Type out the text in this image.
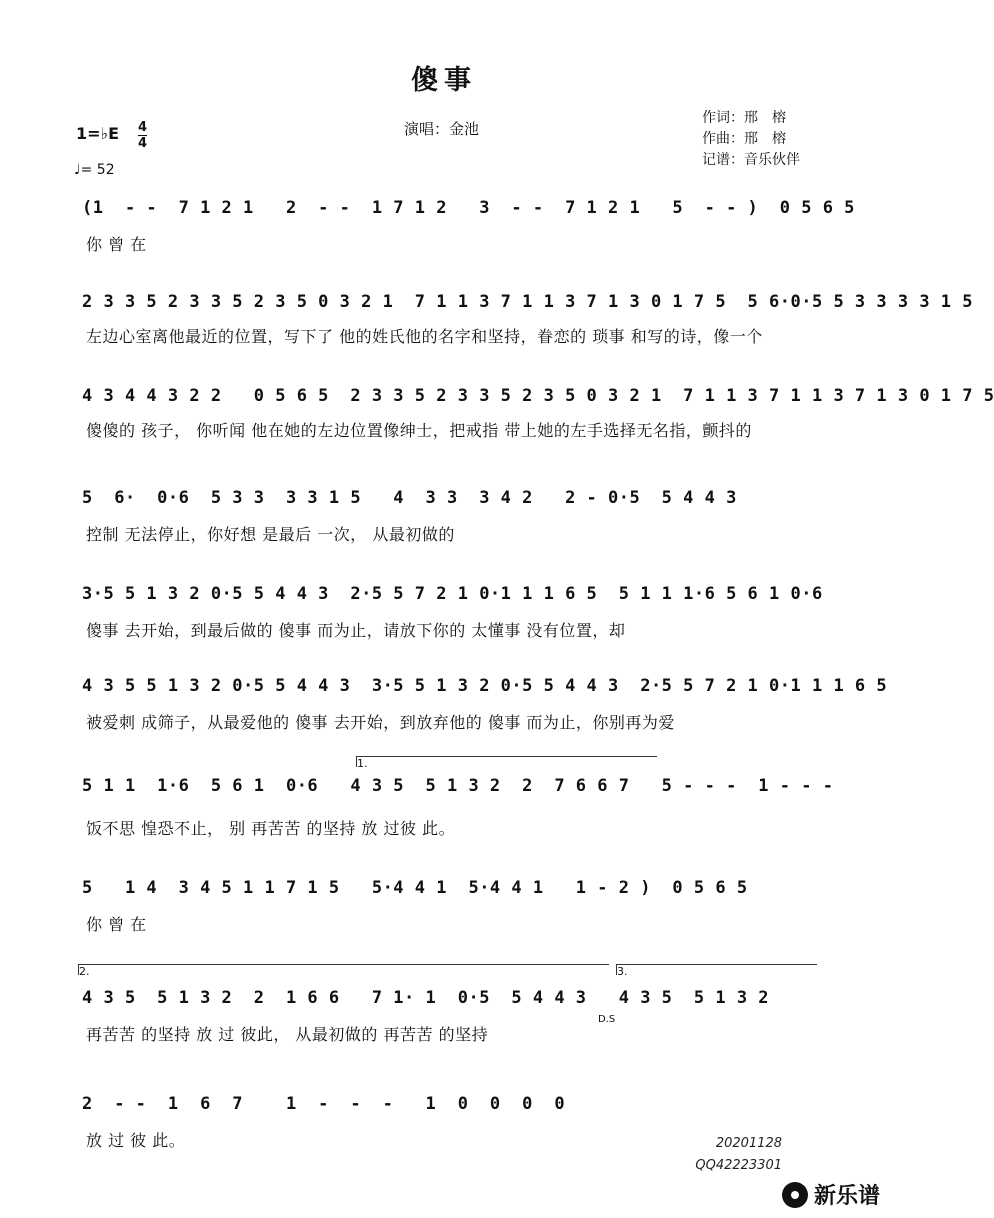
傻事
演唱：金池
作词：邢　榕
作曲：邢　榕
记谱：音乐伙伴
1=♭E 4
4
♩= 52
(1  - -  7 1 2 1   2  - -  1 7 1 2   3  - -  7 1 2 1   5  - - )  0 5 6 5
你 曾 在
2 3 3 5 2 3 3 5 2 3 5 0 3 2 1  7 1 1 3 7 1 1 3 7 1 3 0 1 7 5  5 6·0·5 5 3 3 3 3 1 5
左边心室离他最近的位置，写下了 他的姓氏他的名字和坚持，眷恋的 琐事 和写的诗，像一个
4 3 4 4 3 2 2   0 5 6 5  2 3 3 5 2 3 3 5 2 3 5 0 3 2 1  7 1 1 3 7 1 1 3 7 1 3 0 1 7 5
傻傻的 孩子， 你听闻 他在她的左边位置像绅士，把戒指 带上她的左手选择无名指，颤抖的
5  6·  0·6  5 3 3  3 3 1 5   4  3 3  3 4 2   2 - 0·5  5 4 4 3
控制 无法停止，你好想 是最后 一次， 从最初做的
3·5 5 1 3 2 0·5 5 4 4 3  2·5 5 7 2 1 0·1 1 1 6 5  5 1 1 1·6 5 6 1 0·6
傻事 去开始，到最后做的 傻事 而为止，请放下你的 太懂事 没有位置，却
4 3 5 5 1 3 2 0·5 5 4 4 3  3·5 5 1 3 2 0·5 5 4 4 3  2·5 5 7 2 1 0·1 1 1 6 5
被爱刺 成筛子，从最爱他的 傻事 去开始，到放弃他的 傻事 而为止，你别再为爱
1.
5 1 1  1·6  5 6 1  0·6   4 3 5  5 1 3 2  2  7 6 6 7   5 - - -  1 - - -
饭不思 惶恐不止， 别 再苦苦 的坚持 放 过彼 此。
5   1 4  3 4 5 1 1 7 1 5   5·4 4 1  5·4 4 1   1 - 2 )  0 5 6 5
你 曾 在
2.	3.
4 3 5  5 1 3 2  2  1 6 6   7 1· 1  0·5  5 4 4 3   4 3 5  5 1 3 2
D.S
再苦苦 的坚持 放 过 彼此， 从最初做的 再苦苦 的坚持
2  - -  1  6  7    1  -  -  -   1  0  0  0  0
放 过 彼 此。	20201128
QQ42223301
新乐谱
